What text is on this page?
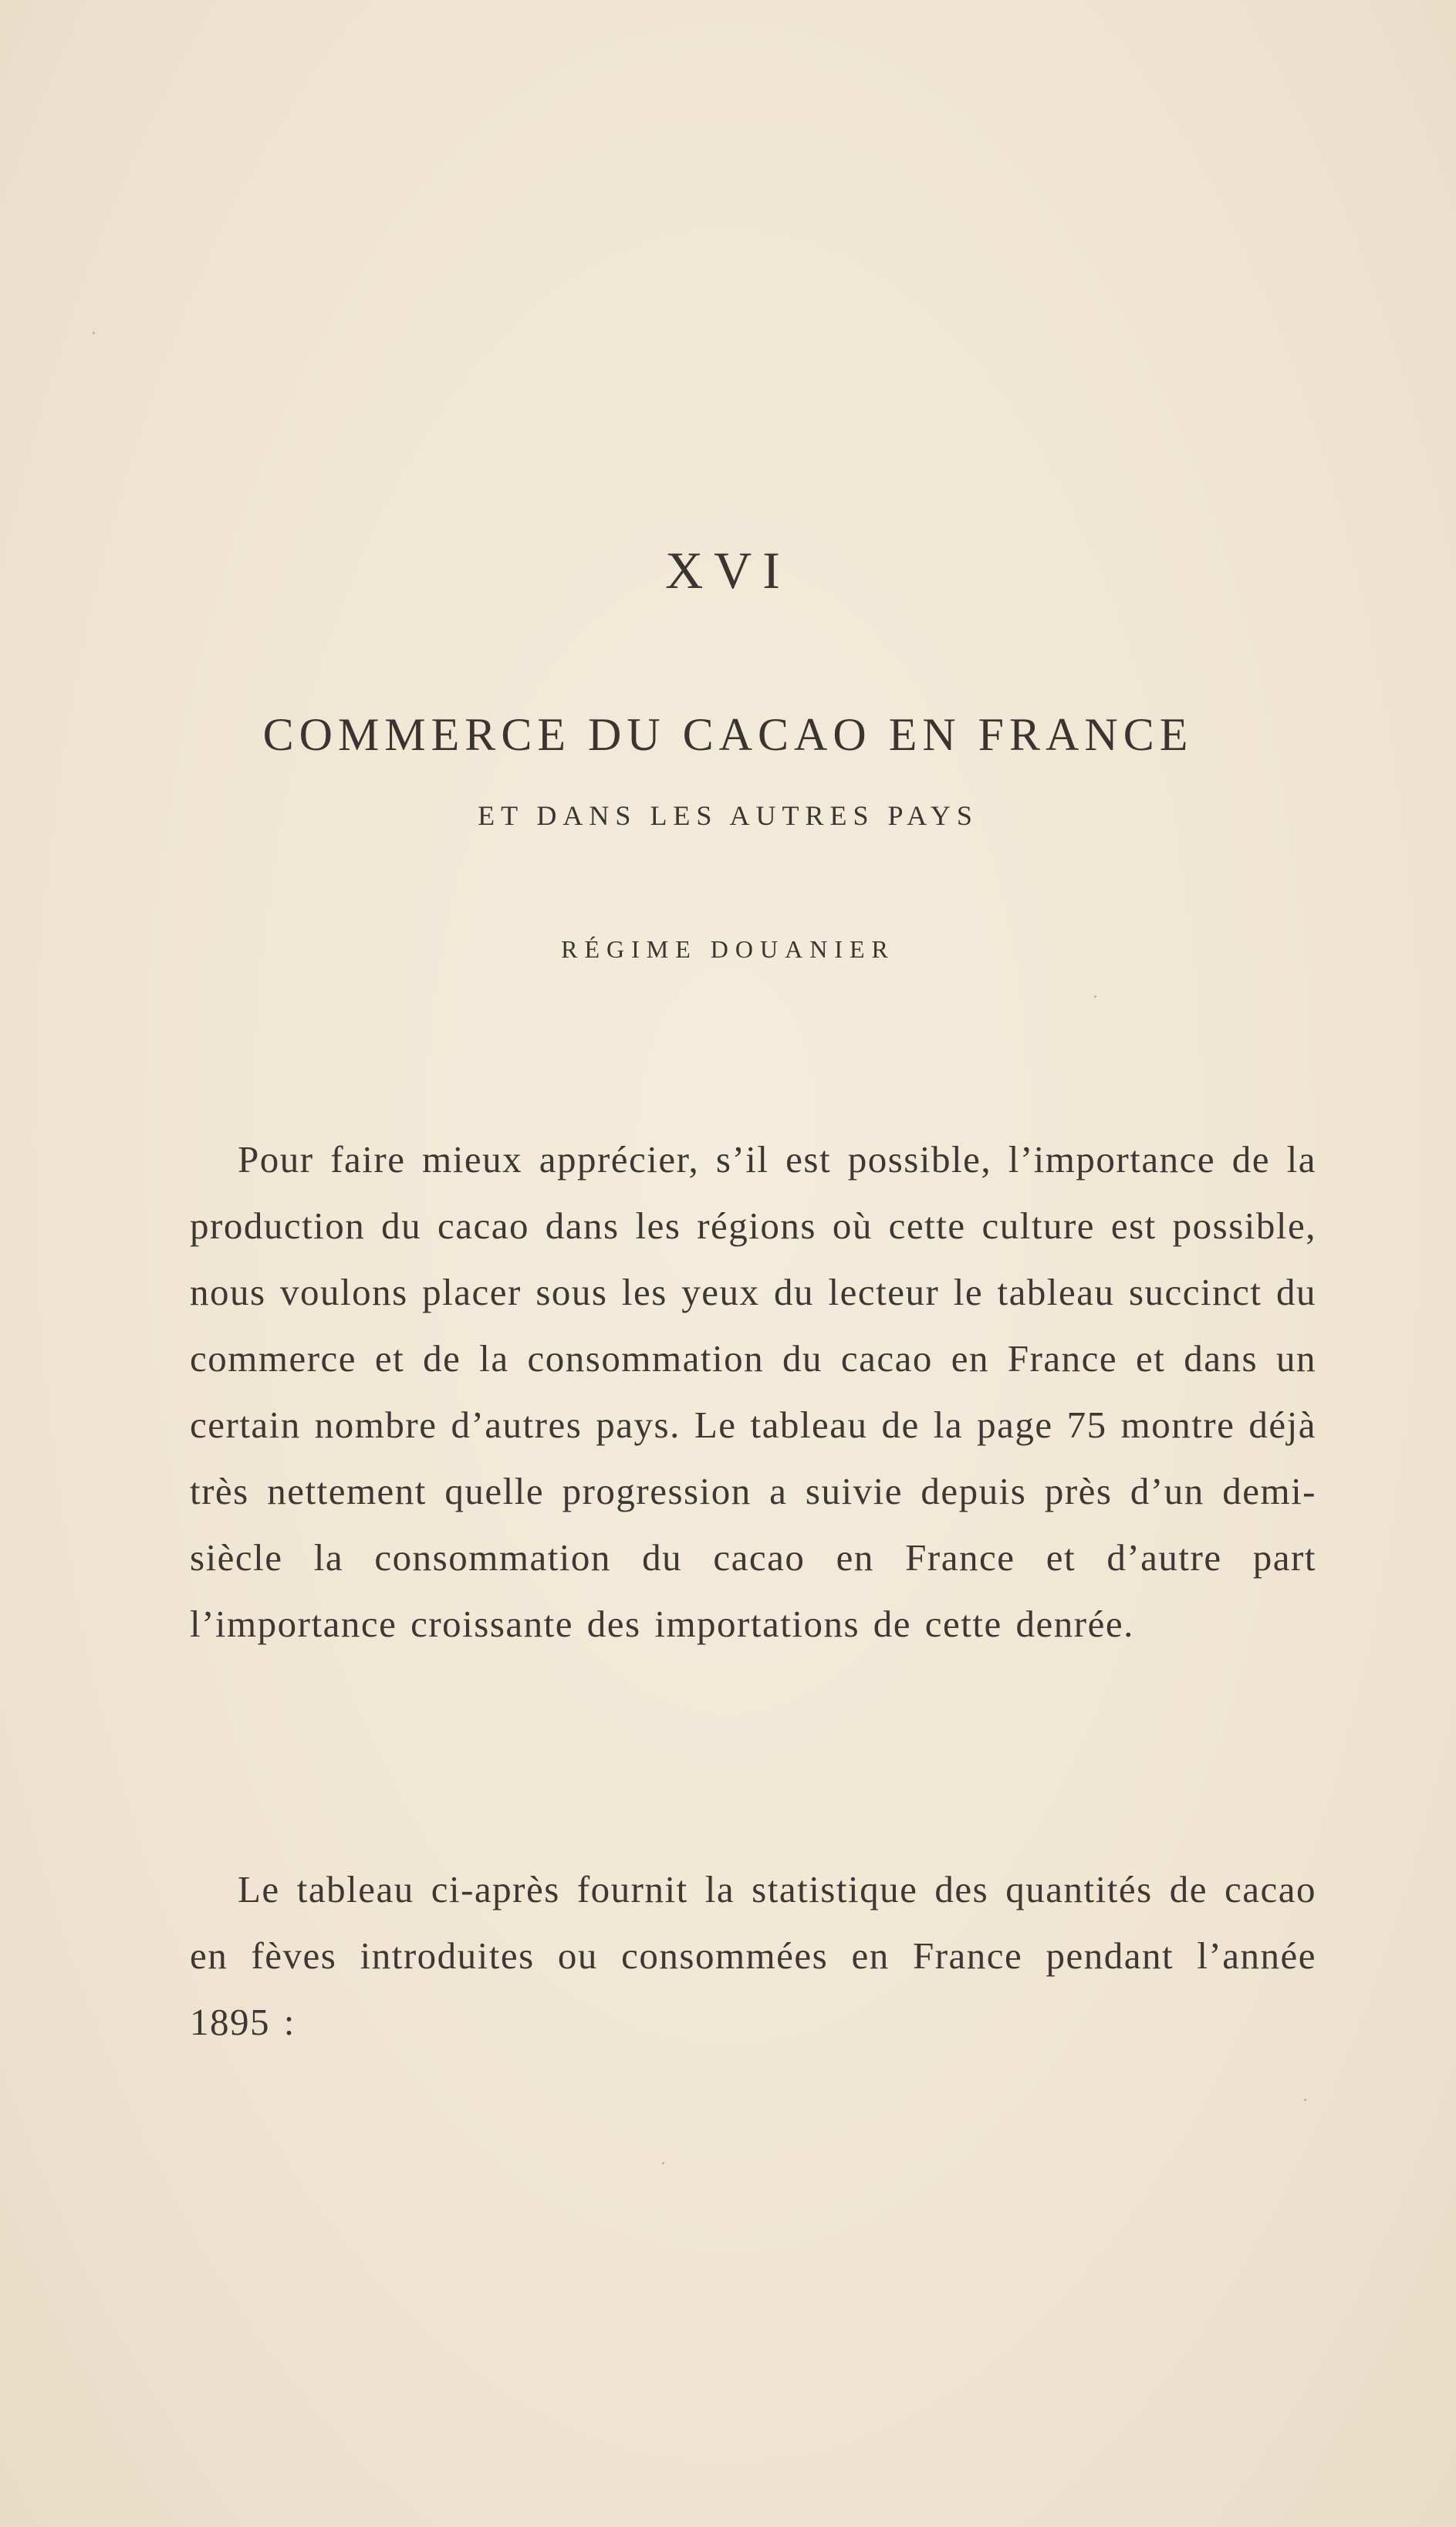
XVI
COMMERCE DU CACAO EN FRANCE
ET DANS LES AUTRES PAYS
RÉGIME DOUANIER

Pour faire mieux apprécier, s’il est possible, l’importance de la production du cacao dans les régions où cette culture est possible, nous voulons placer sous les yeux du lecteur le tableau succinct du commerce et de la consommation du cacao en France et dans un certain nombre d’autres pays. Le tableau de la page 75 montre déjà très nettement quelle progression a suivie depuis près d’un demi-siècle la consommation du cacao en France et d’autre part l’importance croissante des importations de cette denrée.

Le tableau ci-après fournit la statistique des quantités de cacao en fèves introduites ou consommées en France pendant l’année 1895 :
